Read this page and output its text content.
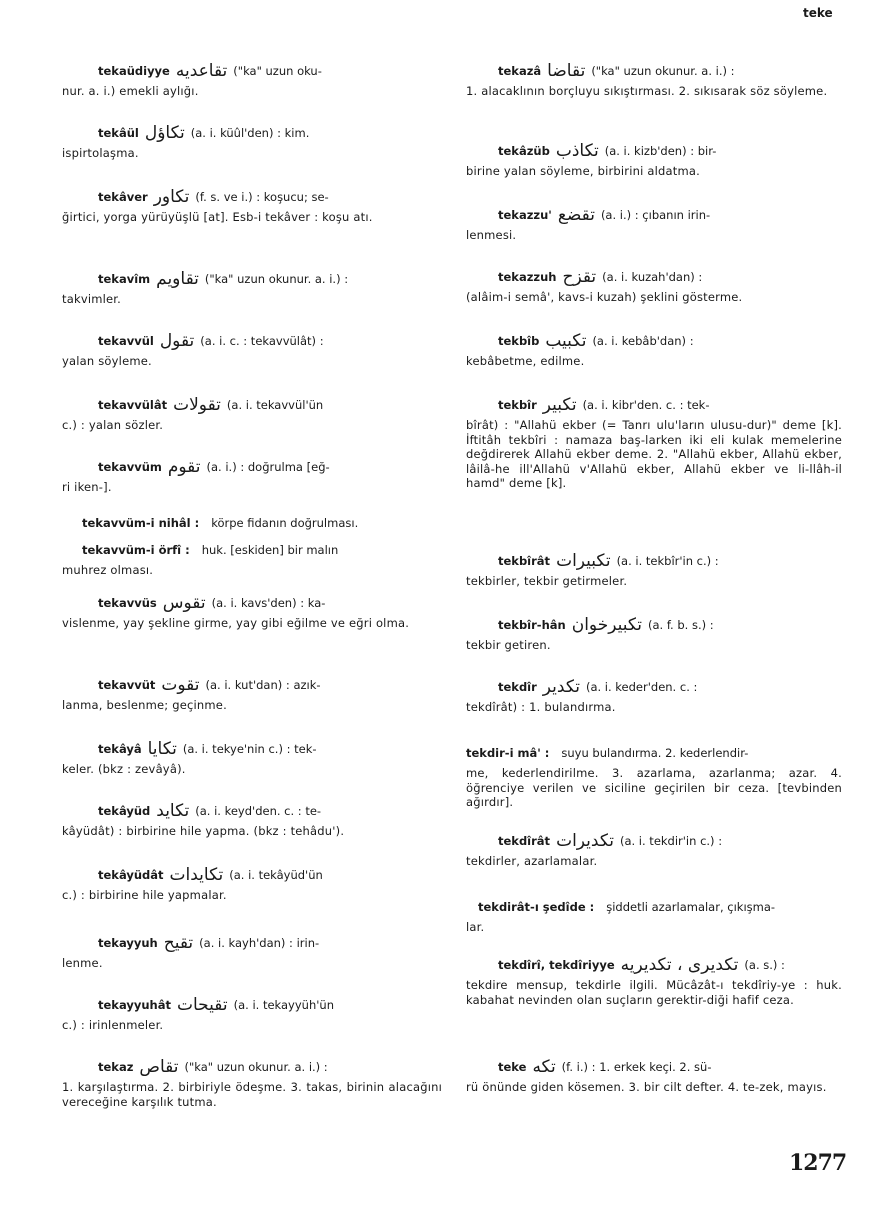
teke
tekaüdiyye تقاعديه ("ka" uzun oku-
nur. a. i.) emekli aylığı.
tekâül تكاؤل (a. i. küûl'den) : kim.
ispirtolaşma.
tekâver تكاور (f. s. ve i.) : koşucu; se-
ğirtici, yorga yürüyüşlü [at]. Esb-i tekâver : koşu atı.
tekavîm تقاويم ("ka" uzun okunur. a. i.) :
takvimler.
tekavvül تقول (a. i. c. : tekavvülât) :
yalan söyleme.
tekavvülât تقولات (a. i. tekavvül'ün
c.) : yalan sözler.
tekavvüm تقوم (a. i.) : doğrulma [eğ-
ri iken-].
tekavvüm-i nihâl : körpe fidanın doğrulması.
tekavvüm-i örfî : huk. [eskiden] bir malın
muhrez olması.
tekavvüs تقوس (a. i. kavs'den) : ka-
vislenme, yay şekline girme, yay gibi eğilme ve eğri olma.
tekavvüt تقوت (a. i. kut'dan) : azık-
lanma, beslenme; geçinme.
tekâyâ تكايا (a. i. tekye'nin c.) : tek-
keler. (bkz : zevâyâ).
tekâyüd تكايد (a. i. keyd'den. c. : te-
kâyüdât) : birbirine hile yapma. (bkz : tehâdu').
tekâyüdât تكايدات (a. i. tekâyüd'ün
c.) : birbirine hile yapmalar.
tekayyuh تقيح (a. i. kayh'dan) : irin-
lenme.
tekayyuhât تقيحات (a. i. tekayyüh'ün
c.) : irinlenmeler.
tekaz تقاص ("ka" uzun okunur. a. i.) :
1. karşılaştırma. 2. birbiriyle ödeşme. 3. takas, birinin alacağını vereceğine karşılık tutma.
tekazâ تقاضا ("ka" uzun okunur. a. i.) :
1. alacaklının borçluyu sıkıştırması. 2. sıkısarak söz söyleme.
tekâzüb تكاذب (a. i. kizb'den) : bir-
birine yalan söyleme, birbirini aldatma.
tekazzu' تقضع (a. i.) : çıbanın irin-
lenmesi.
tekazzuh تقزح (a. i. kuzah'dan) :
(alâim-i semâ', kavs-i kuzah) şeklini gösterme.
tekbîb تكبيب (a. i. kebâb'dan) :
kebâbetme, edilme.
tekbîr تكبير (a. i. kibr'den. c. : tek-
bîrât) : "Allahü ekber (= Tanrı ulu'ların ulusu-dur)" deme [k]. İftitâh tekbîri : namaza baş-larken iki eli kulak memelerine değdirerek Allahü ekber deme. 2. "Allahü ekber, Allahü ekber, lâilâ-he ill'Allahü v'Allahü ekber, Allahü ekber ve li-llâh-il hamd" deme [k].
tekbîrât تكبيرات (a. i. tekbîr'in c.) :
tekbirler, tekbir getirmeler.
tekbîr-hân تكبيرخوان (a. f. b. s.) :
tekbir getiren.
tekdîr تكدير (a. i. keder'den. c. :
tekdîrât) : 1. bulandırma.
tekdir-i mâ' : suyu bulandırma. 2. kederlendir-
me, kederlendirilme. 3. azarlama, azarlanma; azar. 4. öğrenciye verilen ve siciline geçirilen bir ceza. [tevbinden ağırdır].
tekdîrât تكديرات (a. i. tekdir'in c.) :
tekdirler, azarlamalar.
tekdirât-ı şedîde : şiddetli azarlamalar, çıkışma-
lar.
tekdîrî, tekdîriyye تكديرى ، تكديريه (a. s.) :
tekdire mensup, tekdirle ilgili. Mücâzât-ı tekdîriy-ye : huk. kabahat nevinden olan suçların gerektir-diği hafif ceza.
teke تكه (f. i.) : 1. erkek keçi. 2. sü-
rü önünde giden kösemen. 3. bir cilt defter. 4. te-zek, mayıs.
1277
